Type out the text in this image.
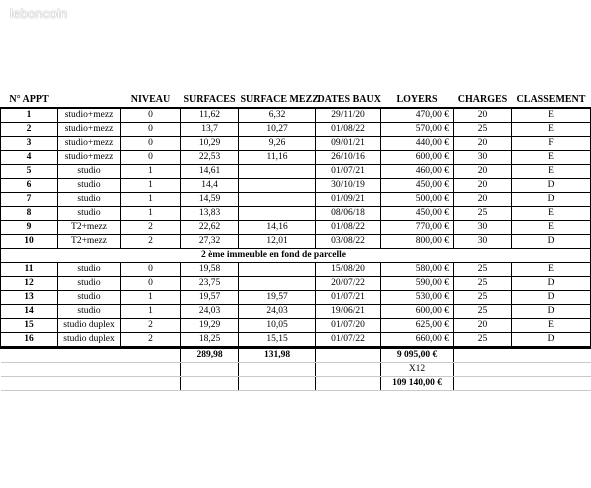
leboncoin
N° APPT		NIVEAU	SURFACES	SURFACE MEZZ	DATES BAUX	LOYERS	CHARGES	CLASSEMENT
1	studio+mezz	0	11,62	6,32	29/11/20	470,00 €	20	E
2	studio+mezz	0	13,7	10,27	01/08/22	570,00 €	25	E
3	studio+mezz	0	10,29	9,26	09/01/21	440,00 €	20	F
4	studio+mezz	0	22,53	11,16	26/10/16	600,00 €	30	E
5	studio	1	14,61		01/07/21	460,00 €	20	E
6	studio	1	14,4		30/10/19	450,00 €	20	D
7	studio	1	14,59		01/09/21	500,00 €	20	D
8	studio	1	13,83		08/06/18	450,00 €	25	E
9	T2+mezz	2	22,62	14,16	01/08/22	770,00 €	30	E
10	T2+mezz	2	27,32	12,01	03/08/22	800,00 €	30	D
2 ème immeuble en fond de parcelle								
11	studio	0	19,58		15/08/20	580,00 €	25	E
12	studio	0	23,75		20/07/22	590,00 €	25	D
13	studio	1	19,57	19,57	01/07/21	530,00 €	25	D
14	studio	1	24,03	24,03	19/06/21	600,00 €	25	D
15	studio duplex	2	19,29	10,05	01/07/20	625,00 €	20	E
16	studio duplex	2	18,25	15,15	01/07/22	660,00 €	25	D
			289,98	131,98		9 095,00 €		
						X12		
						109 140,00 €		
